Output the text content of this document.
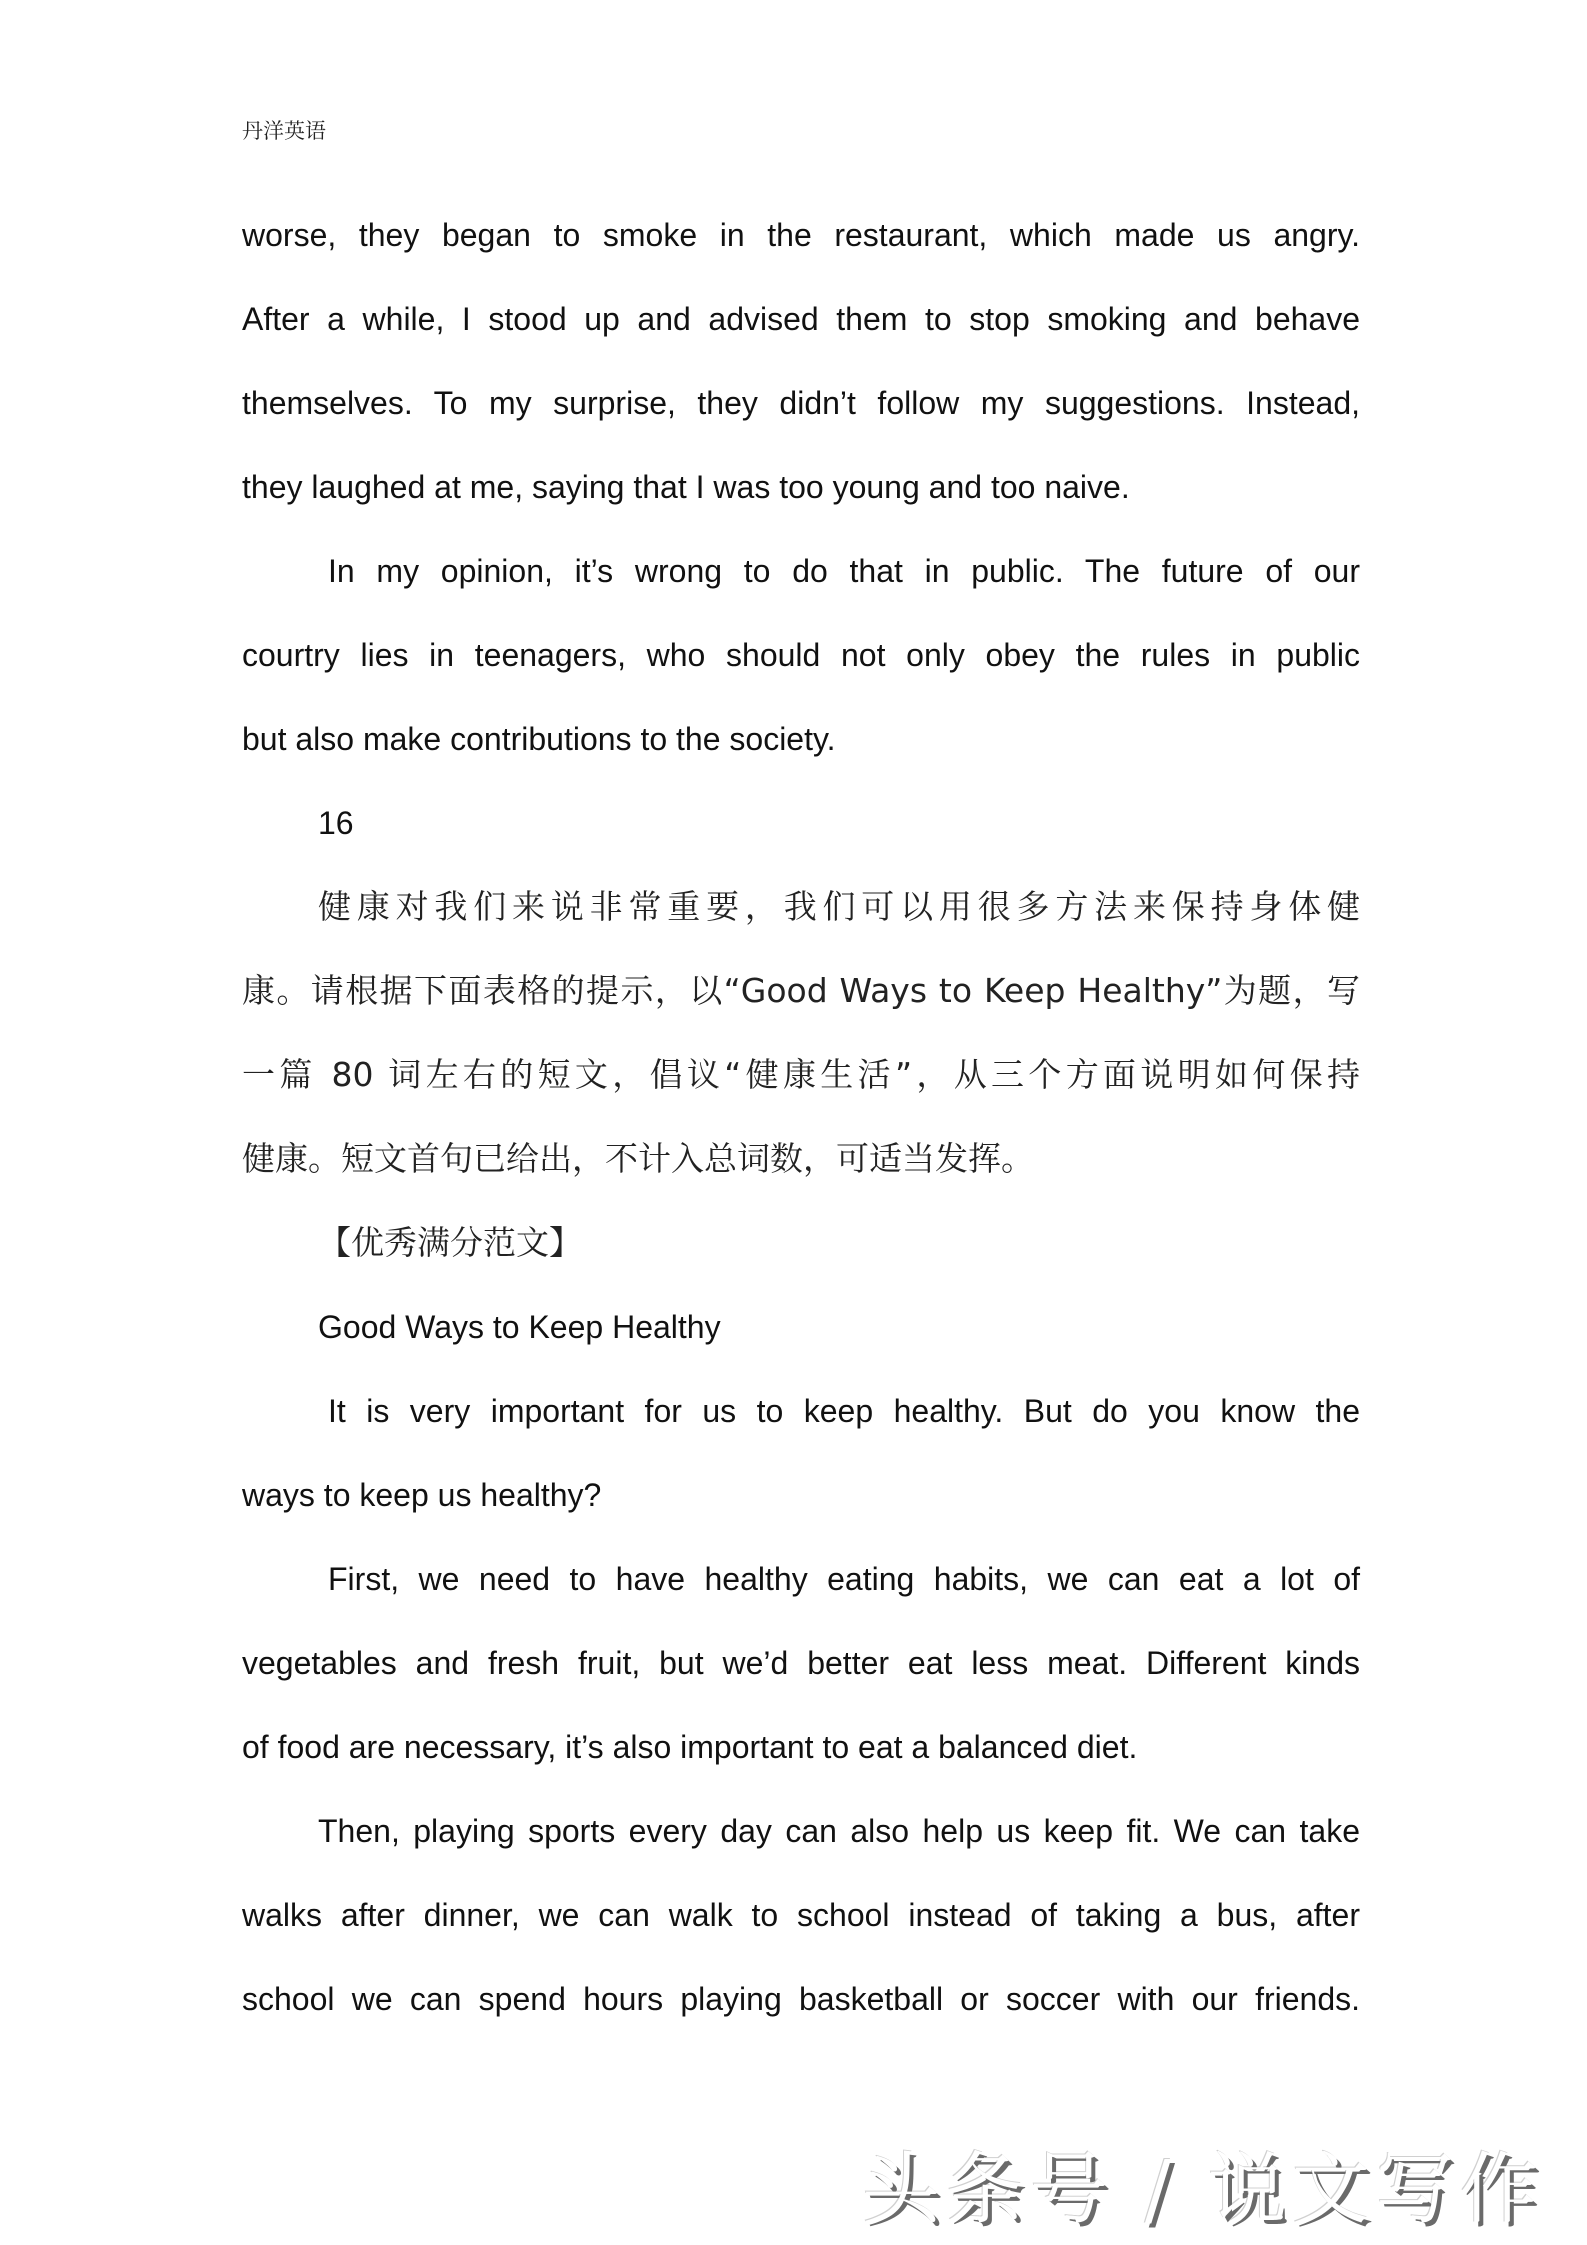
丹洋英语
worse, they began to smoke in the restaurant, which made us angry.
After a while, I stood up and advised them to stop smoking and behave
themselves. To my surprise, they didn’t follow my suggestions. Instead,
they laughed at me, saying that I was too young and too naive.
In my opinion, it’s wrong to do that in public. The future of our
courtry lies in teenagers, who should not only obey the rules in public
but also make contributions to the society.
16
健康对我们来说非常重要，我们可以用很多方法来保持身体健
康。请根据下面表格的提示，以“Good Ways to Keep Healthy”为题，写
一篇 80 词左右的短文，倡议“健康生活”，从三个方面说明如何保持
健康。短文首句已给出，不计入总词数，可适当发挥。
【优秀满分范文】
Good Ways to Keep Healthy
It is very important for us to keep healthy. But do you know the
ways to keep us healthy?
First, we need to have healthy eating habits, we can eat a lot of
vegetables and fresh fruit, but we’d better eat less meat. Different kinds
of food are necessary, it’s also important to eat a balanced diet.
Then, playing sports every day can also help us keep fit. We can take
walks after dinner, we can walk to school instead of taking a bus, after
school we can spend hours playing basketball or soccer with our friends.
头条号 / 说文写作
